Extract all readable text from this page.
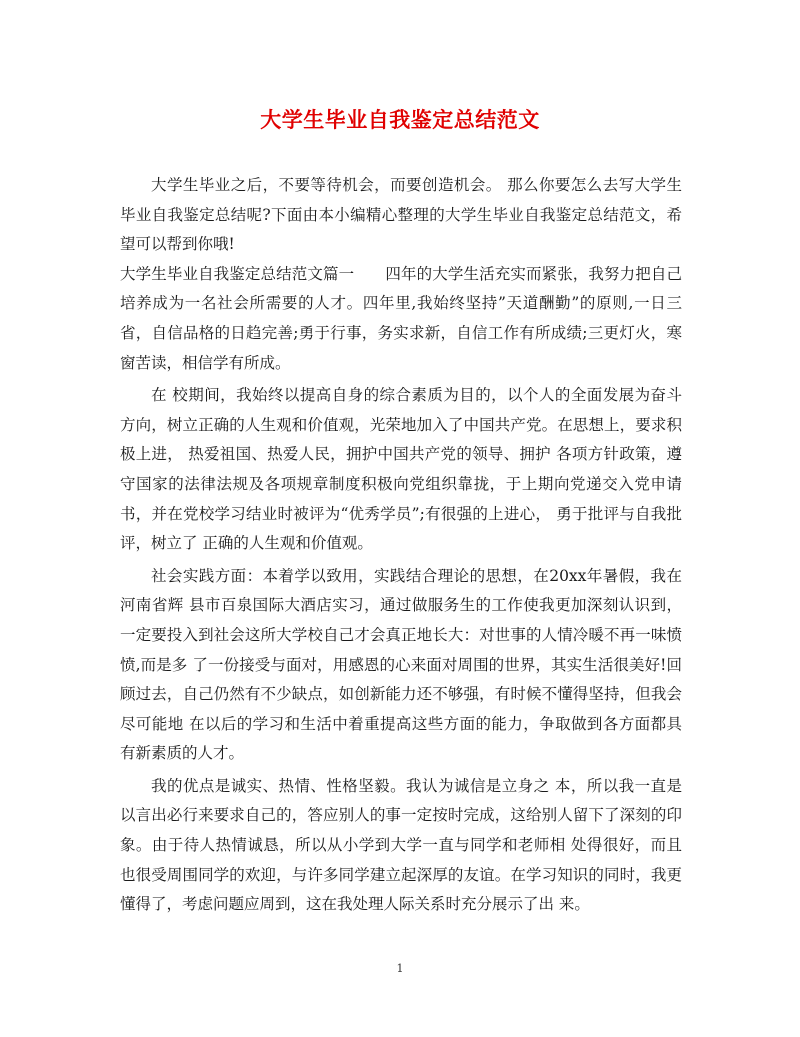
大学生毕业自我鉴定总结范文

大学生毕业之后，不要等待机会，而要创造机会。 那么你要怎么去写大学生毕业自我鉴定总结呢?下面由本小编精心整理的大学生毕业自我鉴定总结范文，希望可以帮到你哦!

大学生毕业自我鉴定总结范文篇一　　四年的大学生活充实而紧张，我努力把自己培养成为一名社会所需要的人才。四年里,我始终坚持”天道酬勤”的原则,一日三省，自信品格的日趋完善;勇于行事，务实求新，自信工作有所成绩;三更灯火，寒窗苦读，相信学有所成。

在 校期间，我始终以提高自身的综合素质为目的，以个人的全面发展为奋斗方向，树立正确的人生观和价值观，光荣地加入了中国共产党。在思想上，要求积极上进， 热爱祖国、热爱人民，拥护中国共产党的领导、拥护 各项方针政策，遵守国家的法律法规及各项规章制度积极向党组织靠拢，于上期向党递交入党申请书，并在党校学习结业时被评为“优秀学员”;有很强的上进心， 勇于批评与自我批评，树立了 正确的人生观和价值观。

社会实践方面：本着学以致用，实践结合理论的思想，在20xx年暑假，我在河南省辉 县市百泉国际大酒店实习，通过做服务生的工作使我更加深刻认识到，一定要投入到社会这所大学校自己才会真正地长大：对世事的人情冷暖不再一味愤愤,而是多 了一份接受与面对，用感恩的心来面对周围的世界，其实生活很美好!回顾过去，自己仍然有不少缺点，如创新能力还不够强，有时候不懂得坚持，但我会尽可能地 在以后的学习和生活中着重提高这些方面的能力，争取做到各方面都具有新素质的人才。

我的优点是诚实、热情、性格坚毅。我认为诚信是立身之 本，所以我一直是以言出必行来要求自己的，答应别人的事一定按时完成，这给别人留下了深刻的印象。由于待人热情诚恳，所以从小学到大学一直与同学和老师相 处得很好，而且也很受周围同学的欢迎，与许多同学建立起深厚的友谊。在学习知识的同时，我更懂得了，考虑问题应周到，这在我处理人际关系时充分展示了出 来。

1
